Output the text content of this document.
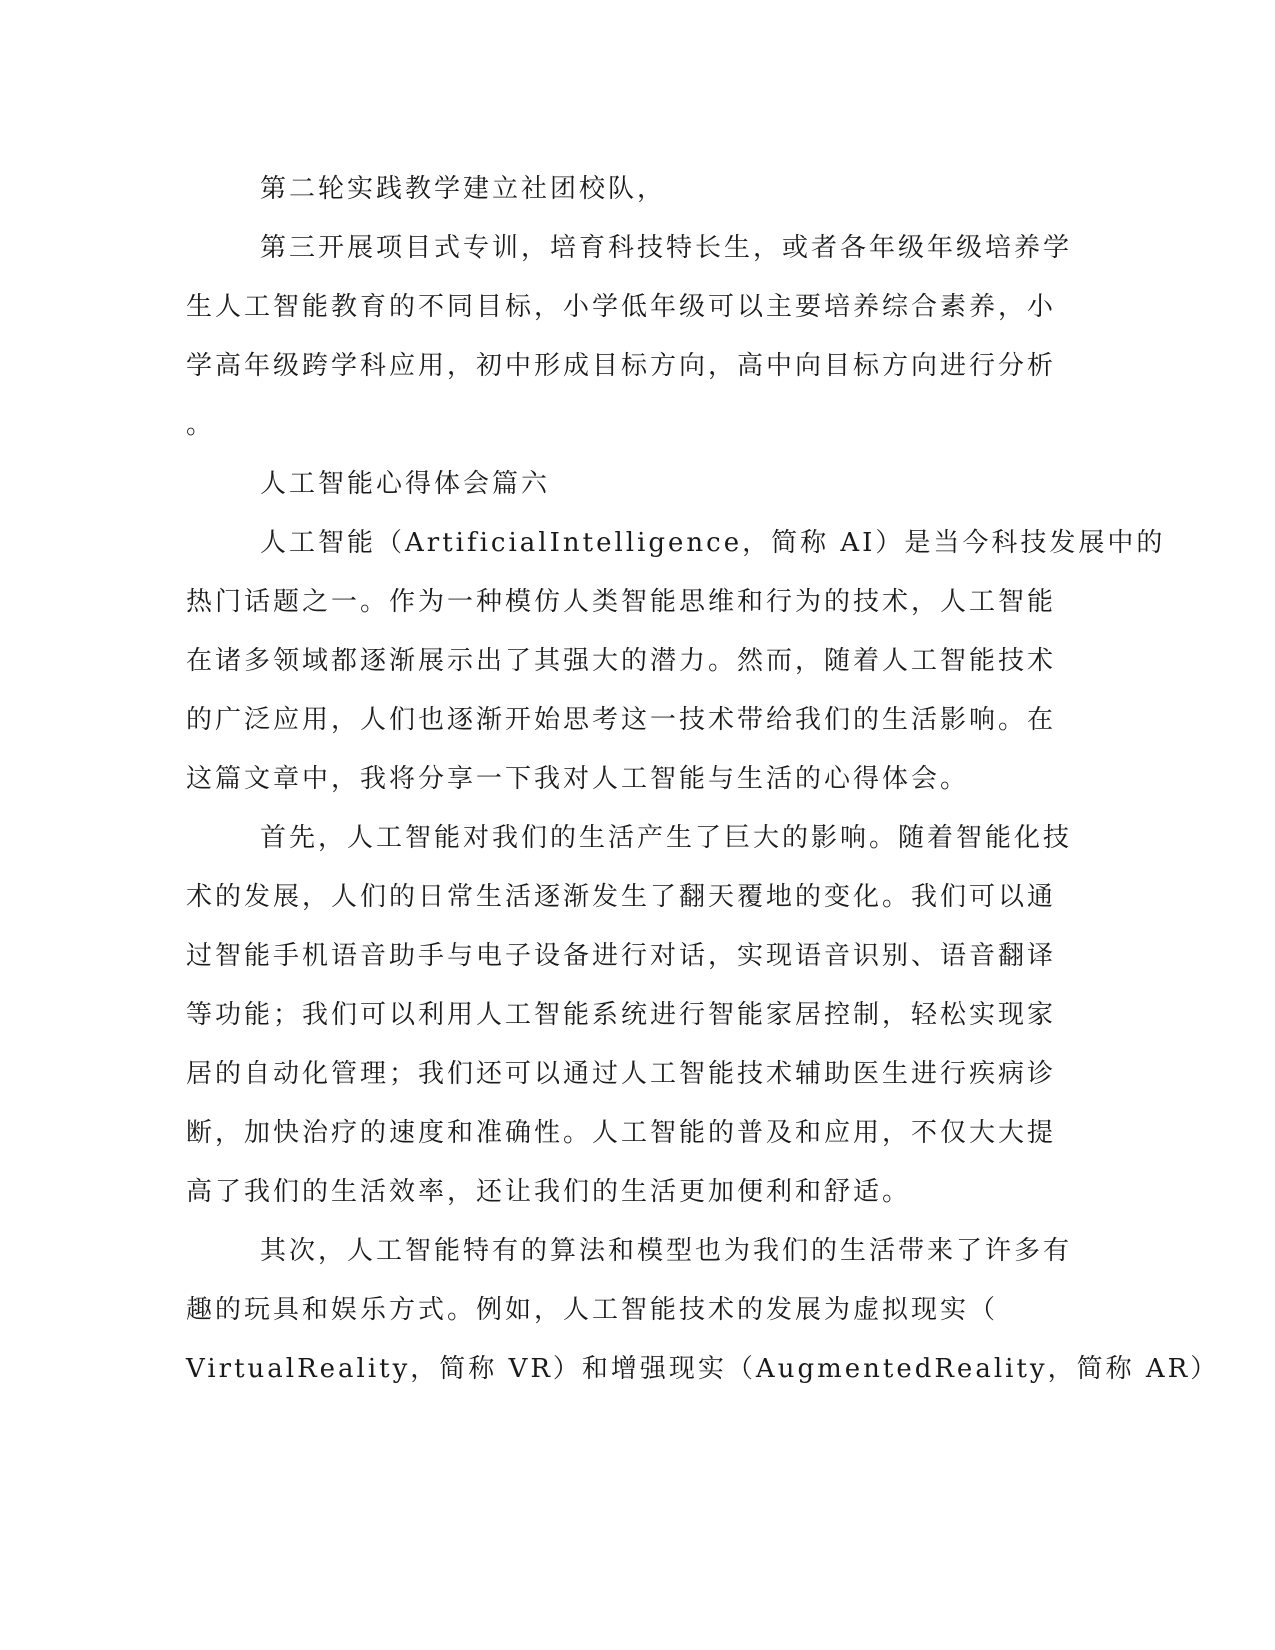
第二轮实践教学建立社团校队，
第三开展项目式专训，培育科技特长生，或者各年级年级培养学
生人工智能教育的不同目标，小学低年级可以主要培养综合素养，小
学高年级跨学科应用，初中形成目标方向，高中向目标方向进行分析
。
人工智能心得体会篇六
人工智能（ArtificialIntelligence，简称 AI）是当今科技发展中的
热门话题之一。作为一种模仿人类智能思维和行为的技术，人工智能
在诸多领域都逐渐展示出了其强大的潜力。然而，随着人工智能技术
的广泛应用，人们也逐渐开始思考这一技术带给我们的生活影响。在
这篇文章中，我将分享一下我对人工智能与生活的心得体会。
首先，人工智能对我们的生活产生了巨大的影响。随着智能化技
术的发展，人们的日常生活逐渐发生了翻天覆地的变化。我们可以通
过智能手机语音助手与电子设备进行对话，实现语音识别、语音翻译
等功能；我们可以利用人工智能系统进行智能家居控制，轻松实现家
居的自动化管理；我们还可以通过人工智能技术辅助医生进行疾病诊
断，加快治疗的速度和准确性。人工智能的普及和应用，不仅大大提
高了我们的生活效率，还让我们的生活更加便利和舒适。
其次，人工智能特有的算法和模型也为我们的生活带来了许多有
趣的玩具和娱乐方式。例如，人工智能技术的发展为虚拟现实（
VirtualReality，简称 VR）和增强现实（AugmentedReality，简称 AR）
